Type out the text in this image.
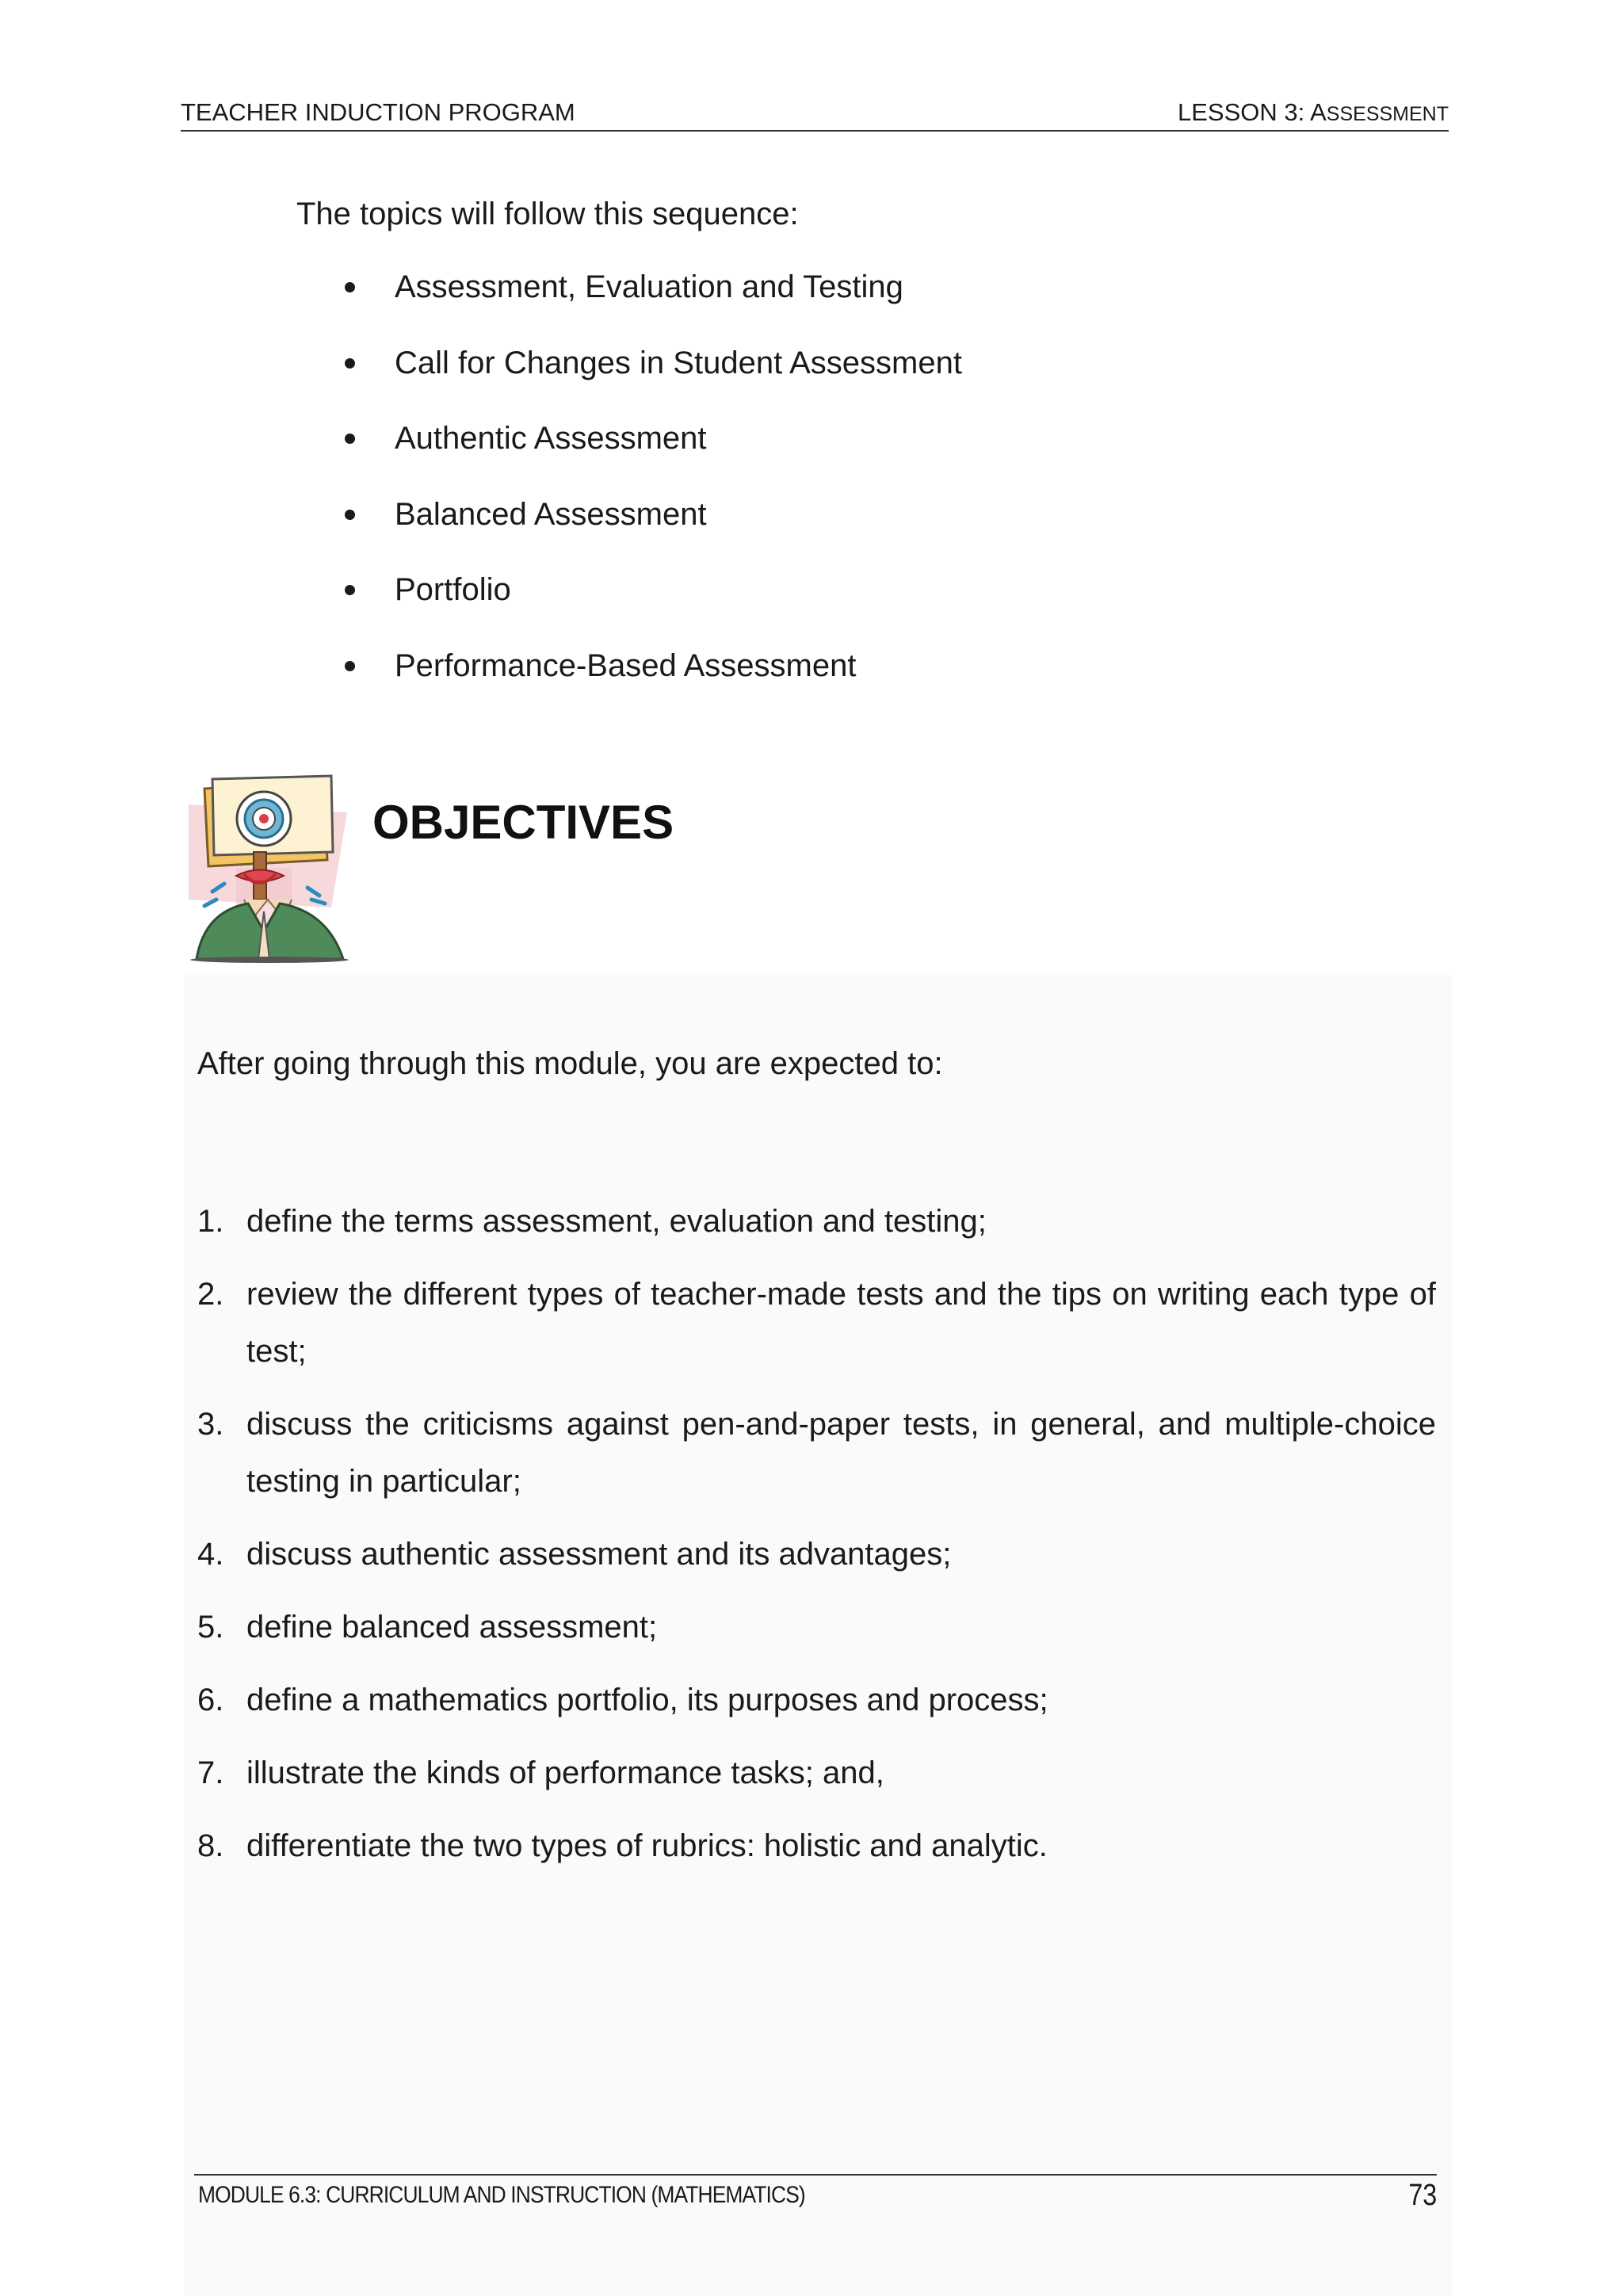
TEACHER INDUCTION PROGRAM	LESSON 3: ASSESSMENT
The topics will follow this sequence:
Assessment, Evaluation and Testing
Call for Changes in Student Assessment
Authentic Assessment
Balanced Assessment
Portfolio
Performance-Based Assessment
OBJECTIVES
After going through this module, you are expected to:
1. define the terms assessment, evaluation and testing;
2. review the different types of teacher-made tests and the tips on writing each type of test;
3. discuss the criticisms against pen-and-paper tests, in general, and multiple-choice testing in particular;
4. discuss authentic assessment and its advantages;
5. define balanced assessment;
6. define a mathematics portfolio, its purposes and process;
7. illustrate the kinds of performance tasks; and,
8. differentiate the two types of rubrics: holistic and analytic.
MODULE 6.3: CURRICULUM AND INSTRUCTION (MATHEMATICS)	73
